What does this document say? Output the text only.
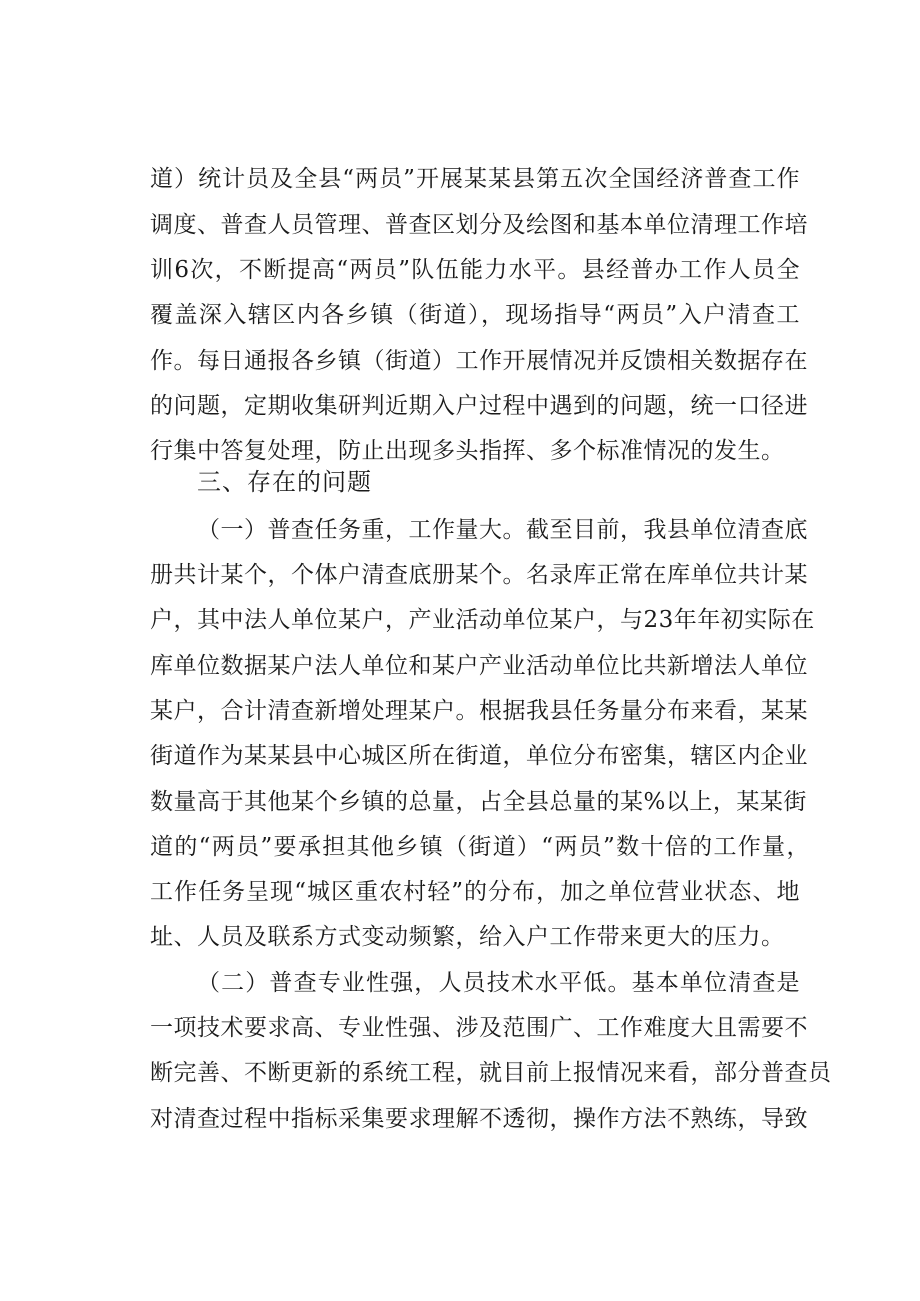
道）统计员及全县“两员”开展某某县第五次全国经济普查工作
调度、普查人员管理、普查区划分及绘图和基本单位清理工作培
训6次，不断提高“两员”队伍能力水平。县经普办工作人员全
覆盖深入辖区内各乡镇（街道），现场指导“两员”入户清查工
作。每日通报各乡镇（街道）工作开展情况并反馈相关数据存在
的问题，定期收集研判近期入户过程中遇到的问题，统一口径进
行集中答复处理，防止出现多头指挥、多个标准情况的发生。
三、存在的问题
（一）普查任务重，工作量大。截至目前，我县单位清查底
册共计某个，个体户清查底册某个。名录库正常在库单位共计某
户，其中法人单位某户，产业活动单位某户，与23年年初实际在
库单位数据某户法人单位和某户产业活动单位比共新增法人单位
某户，合计清查新增处理某户。根据我县任务量分布来看，某某
街道作为某某县中心城区所在街道，单位分布密集，辖区内企业
数量高于其他某个乡镇的总量，占全县总量的某%以上，某某街
道的“两员”要承担其他乡镇（街道）“两员”数十倍的工作量，
工作任务呈现“城区重农村轻”的分布，加之单位营业状态、地
址、人员及联系方式变动频繁，给入户工作带来更大的压力。
（二）普查专业性强，人员技术水平低。基本单位清查是
一项技术要求高、专业性强、涉及范围广、工作难度大且需要不
断完善、不断更新的系统工程，就目前上报情况来看，部分普查员
对清查过程中指标采集要求理解不透彻，操作方法不熟练，导致
